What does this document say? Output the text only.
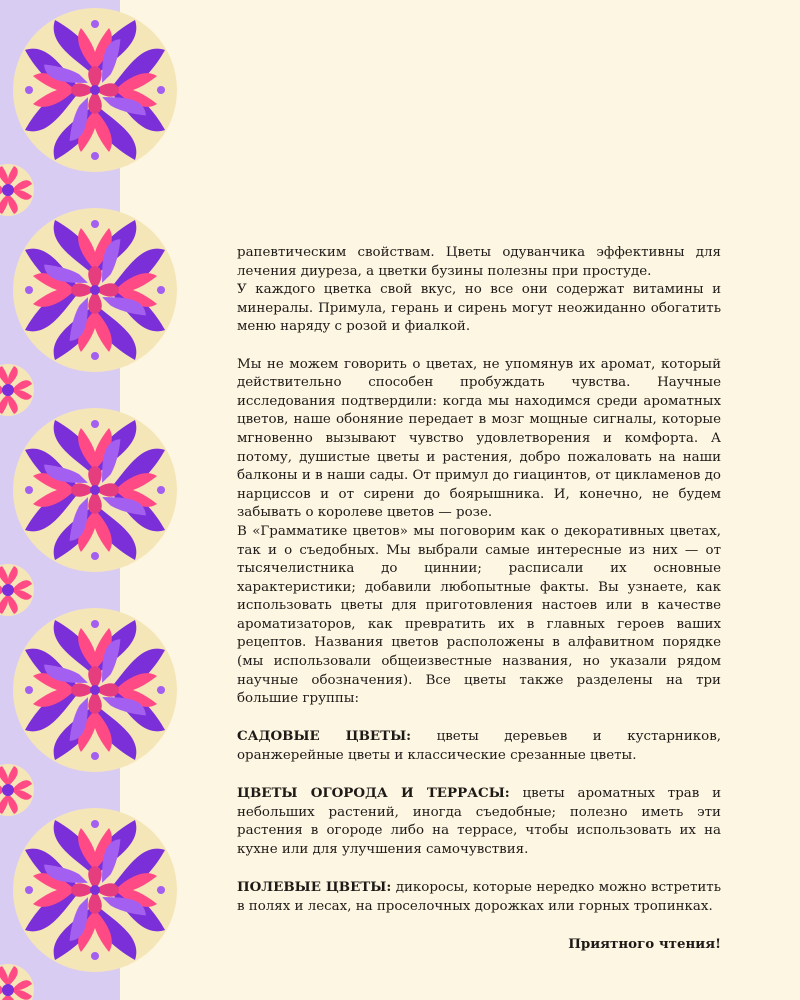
рапевтическим свойствам. Цветы одуванчика эффективны для лечения диуреза, а цветки бузины полезны при простуде.

У каждого цветка свой вкус, но все они содержат витамины и минералы. Примула, герань и сирень могут неожиданно обогатить меню наряду с розой и фиалкой.

Мы не можем говорить о цветах, не упомянув их аромат, который действительно способен пробуждать чувства. Научные исследования подтвердили: когда мы находимся среди ароматных цветов, наше обоняние передает в мозг мощные сигналы, которые мгновенно вызывают чувство удовлетворения и комфорта. А потому, душистые цветы и растения, добро пожаловать на наши балконы и в наши сады. От примул до гиацинтов, от цикламенов до нарциссов и от сирени до боярышника. И, конечно, не будем забывать о королеве цветов — розе.

В «Грамматике цветов» мы поговорим как о декоративных цветах, так и о съедобных. Мы выбрали самые интересные из них — от тысячелистника до циннии; расписали их основные характеристики; добавили любопытные факты. Вы узнаете, как использовать цветы для приготовления настоев или в качестве ароматизаторов, как превратить их в главных героев ваших рецептов. Названия цветов расположены в алфавитном порядке (мы использовали общеизвестные названия, но указали рядом научные обозначения). Все цветы также разделены на три большие группы:

САДОВЫЕ ЦВЕТЫ: цветы деревьев и кустарников, оранжерейные цветы и классические срезанные цветы.

ЦВЕТЫ ОГОРОДА И ТЕРРАСЫ: цветы ароматных трав и небольших растений, иногда съедобные; полезно иметь эти растения в огороде либо на террасе, чтобы использовать их на кухне или для улучшения самочувствия.

ПОЛЕВЫЕ ЦВЕТЫ: дикоросы, которые нередко можно встретить в полях и лесах, на проселочных дорожках или горных тропинках.

Приятного чтения!
